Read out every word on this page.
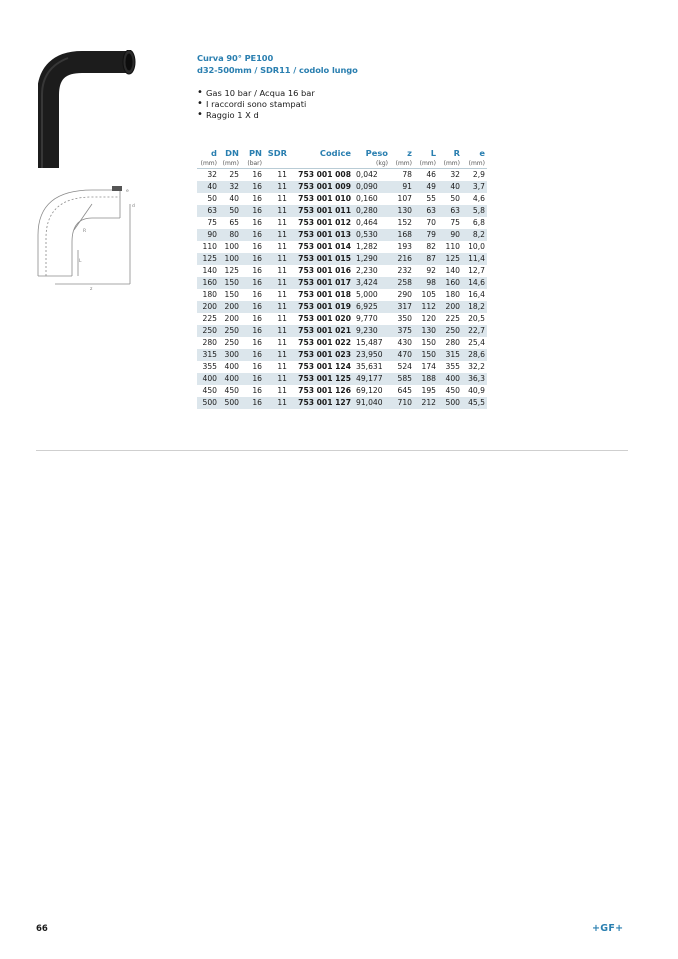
e
d
R
L
z
Curva 90° PE100
d32-500mm / SDR11 / codolo lungo
• Gas 10 bar / Acqua 16 bar
• I raccordi sono stampati
• Raggio 1 X d
d	DN	PN	SDR	Codice	Peso	z	L	R	e
(mm)	(mm)	(bar)			(kg)	(mm)	(mm)	(mm)	(mm)
32	25	16	11	753 001 008	0,042	78	46	32	2,9
40	32	16	11	753 001 009	0,090	91	49	40	3,7
50	40	16	11	753 001 010	0,160	107	55	50	4,6
63	50	16	11	753 001 011	0,280	130	63	63	5,8
75	65	16	11	753 001 012	0,464	152	70	75	6,8
90	80	16	11	753 001 013	0,530	168	79	90	8,2
110	100	16	11	753 001 014	1,282	193	82	110	10,0
125	100	16	11	753 001 015	1,290	216	87	125	11,4
140	125	16	11	753 001 016	2,230	232	92	140	12,7
160	150	16	11	753 001 017	3,424	258	98	160	14,6
180	150	16	11	753 001 018	5,000	290	105	180	16,4
200	200	16	11	753 001 019	6,925	317	112	200	18,2
225	200	16	11	753 001 020	9,770	350	120	225	20,5
250	250	16	11	753 001 021	9,230	375	130	250	22,7
280	250	16	11	753 001 022	15,487	430	150	280	25,4
315	300	16	11	753 001 023	23,950	470	150	315	28,6
355	400	16	11	753 001 124	35,631	524	174	355	32,2
400	400	16	11	753 001 125	49,177	585	188	400	36,3
450	450	16	11	753 001 126	69,120	645	195	450	40,9
500	500	16	11	753 001 127	91,040	710	212	500	45,5
66	+GF+
